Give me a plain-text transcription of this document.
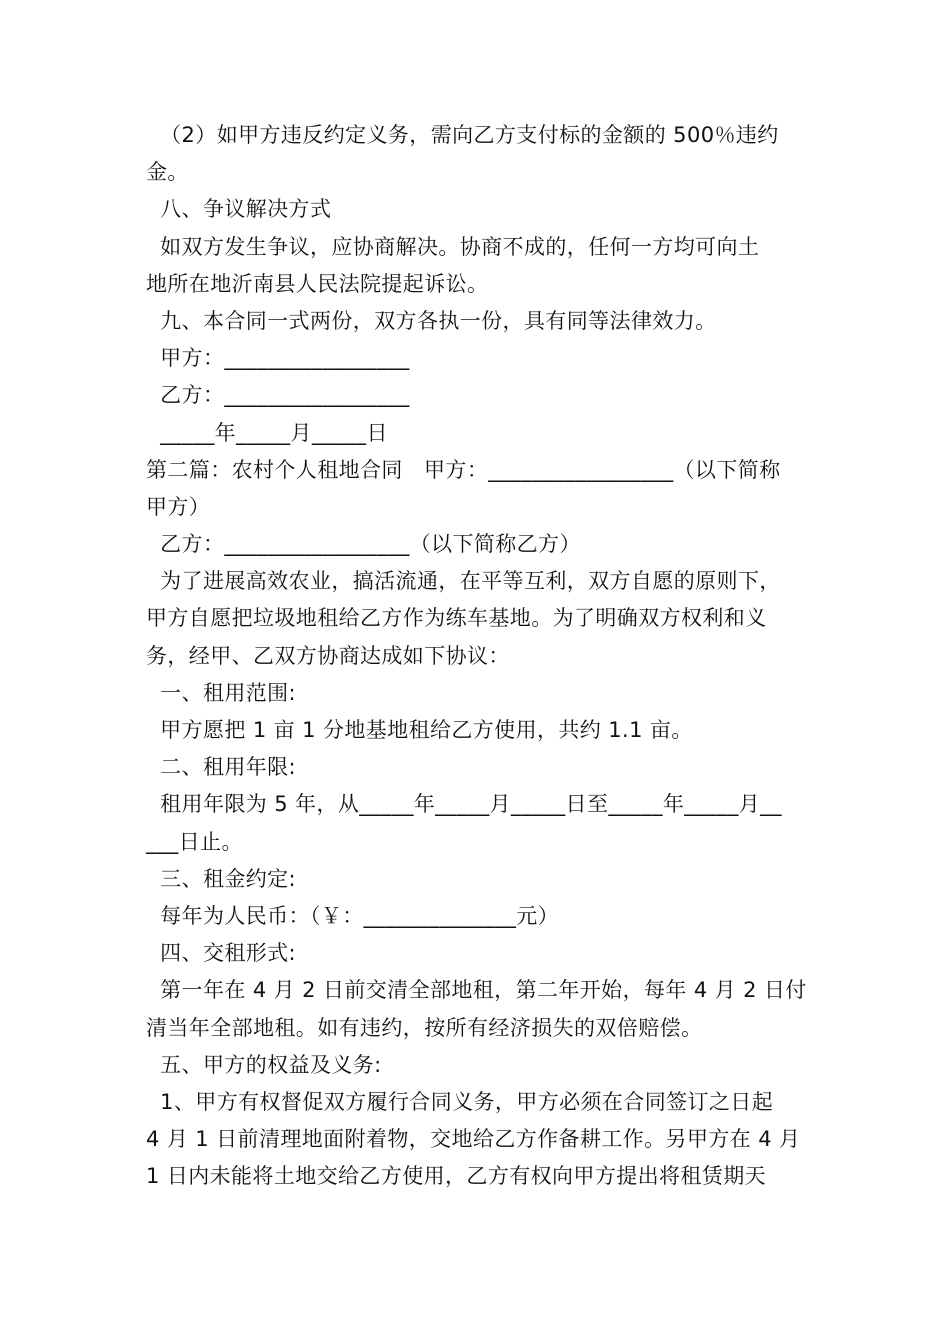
（2）如甲方违反约定义务，需向乙方支付标的金额的 500％违约
金。
八、争议解决方式
如双方发生争议，应协商解决。协商不成的，任何一方均可向土
地所在地沂南县人民法院提起诉讼。
九、本合同一式两份，双方各执一份，具有同等法律效力。
甲方：_________________
乙方：_________________
_____年_____月_____日
第二篇：农村个人租地合同   甲方：_________________（以下简称
甲方）
乙方：_________________（以下简称乙方）
为了进展高效农业，搞活流通，在平等互利，双方自愿的原则下，
甲方自愿把垃圾地租给乙方作为练车基地。为了明确双方权利和义
务，经甲、乙双方协商达成如下协议：
一、租用范围:
甲方愿把 1 亩 1 分地基地租给乙方使用，共约 1.1 亩。
二、租用年限:
租用年限为 5 年，从_____年_____月_____日至_____年_____月__
___日止。
三、租金约定:
每年为人民币：（￥：______________元）
四、交租形式:
第一年在 4 月 2 日前交清全部地租，第二年开始，每年 4 月 2 日付
清当年全部地租。如有违约，按所有经济损失的双倍赔偿。
五、甲方的权益及义务:
1、甲方有权督促双方履行合同义务，甲方必须在合同签订之日起
4 月 1 日前清理地面附着物，交地给乙方作备耕工作。另甲方在 4 月
1 日内未能将土地交给乙方使用，乙方有权向甲方提出将租赁期天
